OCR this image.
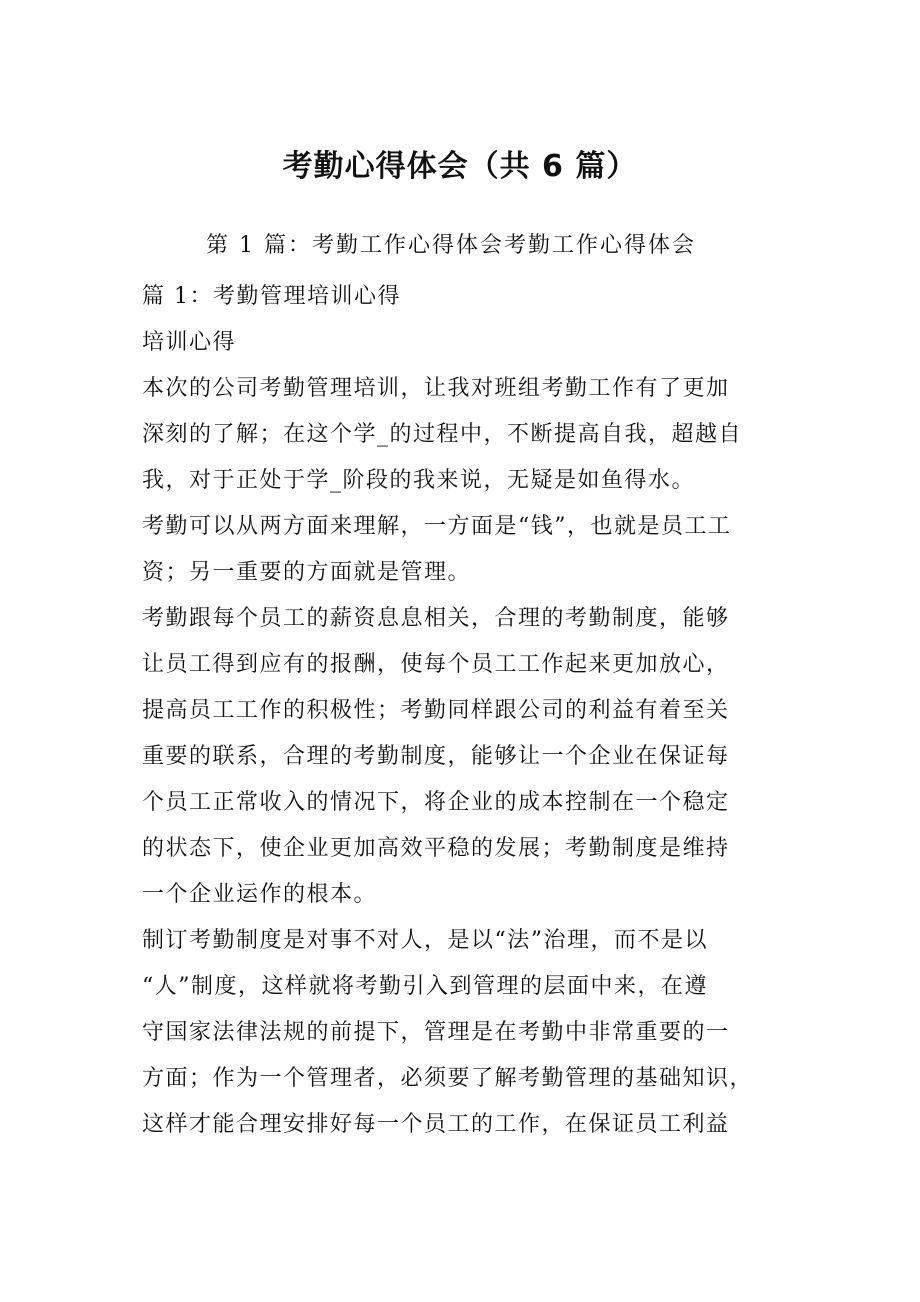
考勤心得体会（共 6 篇）

第 1 篇：考勤工作心得体会考勤工作心得体会

篇 1：考勤管理培训心得

培训心得

本次的公司考勤管理培训，让我对班组考勤工作有了更加

深刻的了解；在这个学_的过程中，不断提高自我，超越自

我，对于正处于学_阶段的我来说，无疑是如鱼得水。

考勤可以从两方面来理解，一方面是“钱”，也就是员工工

资；另一重要的方面就是管理。

考勤跟每个员工的薪资息息相关，合理的考勤制度，能够

让员工得到应有的报酬，使每个员工工作起来更加放心，

提高员工工作的积极性；考勤同样跟公司的利益有着至关

重要的联系，合理的考勤制度，能够让一个企业在保证每

个员工正常收入的情况下，将企业的成本控制在一个稳定

的状态下，使企业更加高效平稳的发展；考勤制度是维持

一个企业运作的根本。

制订考勤制度是对事不对人，是以“法”治理，而不是以

“人”制度，这样就将考勤引入到管理的层面中来，在遵

守国家法律法规的前提下，管理是在考勤中非常重要的一

方面；作为一个管理者，必须要了解考勤管理的基础知识，

这样才能合理安排好每一个员工的工作，在保证员工利益
